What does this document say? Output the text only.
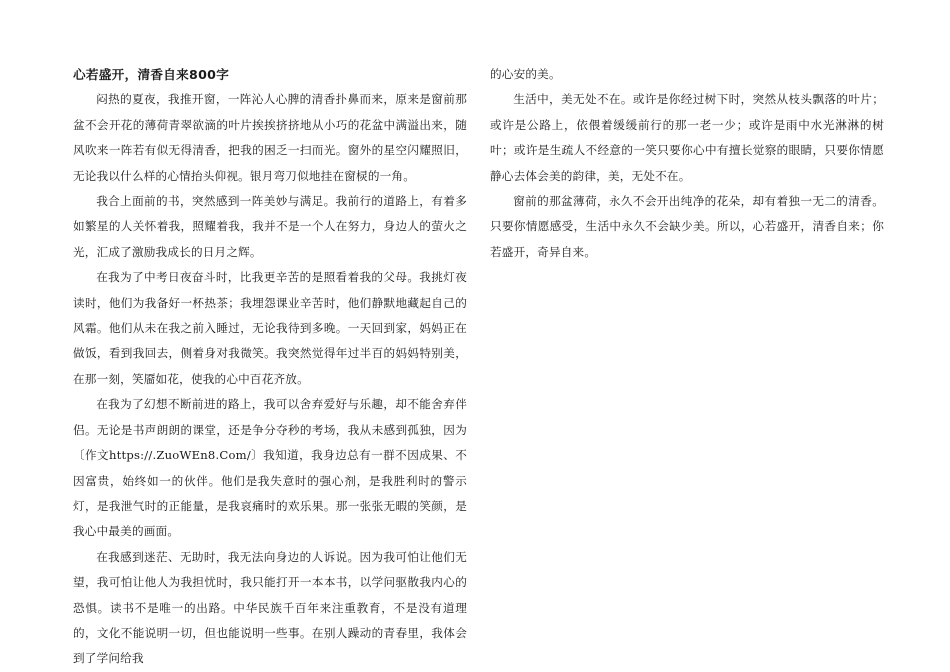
心若盛开，清香自来800字

闷热的夏夜，我推开窗，一阵沁人心脾的清香扑鼻而来，原来是窗前那盆不会开花的薄荷青翠欲滴的叶片挨挨挤挤地从小巧的花盆中满溢出来，随风吹来一阵若有似无得清香，把我的困乏一扫而光。窗外的星空闪耀照旧，无论我以什么样的心情抬头仰视。银月弯刀似地挂在窗棂的一角。

我合上面前的书，突然感到一阵美妙与满足。我前行的道路上，有着多如繁星的人关怀着我，照耀着我，我并不是一个人在努力，身边人的萤火之光，汇成了激励我成长的日月之辉。

在我为了中考日夜奋斗时，比我更辛苦的是照看着我的父母。我挑灯夜读时，他们为我备好一杯热茶；我埋怨课业辛苦时，他们静默地藏起自己的风霜。他们从未在我之前入睡过，无论我待到多晚。一天回到家，妈妈正在做饭，看到我回去，侧着身对我微笑。我突然觉得年过半百的妈妈特别美，在那一刻，笑靥如花，使我的心中百花齐放。

在我为了幻想不断前进的路上，我可以舍弃爱好与乐趣，却不能舍弃伴侣。无论是书声朗朗的课堂，还是争分夺秒的考场，我从未感到孤独，因为〔作文https://.ZuoWEn8.Com/〕我知道，我身边总有一群不因成果、不因富贵，始终如一的伙伴。他们是我失意时的强心剂，是我胜利时的警示灯，是我泄气时的正能量，是我哀痛时的欢乐果。那一张张无暇的笑颜，是我心中最美的画面。

在我感到迷茫、无助时，我无法向身边的人诉说。因为我可怕让他们无望，我可怕让他人为我担忧时，我只能打开一本本书，以学问驱散我内心的恐惧。读书不是唯一的出路。中华民族千百年来注重教育，不是没有道理的，文化不能说明一切，但也能说明一些事。在别人躁动的青春里，我体会到了学问给我

的心安的美。

生活中，美无处不在。或许是你经过树下时，突然从枝头飘落的叶片；或许是公路上，依偎着缓缓前行的那一老一少；或许是雨中水光淋淋的树叶；或许是生疏人不经意的一笑只要你心中有擅长觉察的眼睛，只要你情愿静心去体会美的韵律，美，无处不在。

窗前的那盆薄荷，永久不会开出纯净的花朵，却有着独一无二的清香。只要你情愿感受，生活中永久不会缺少美。所以，心若盛开，清香自来；你若盛开，奇异自来。
